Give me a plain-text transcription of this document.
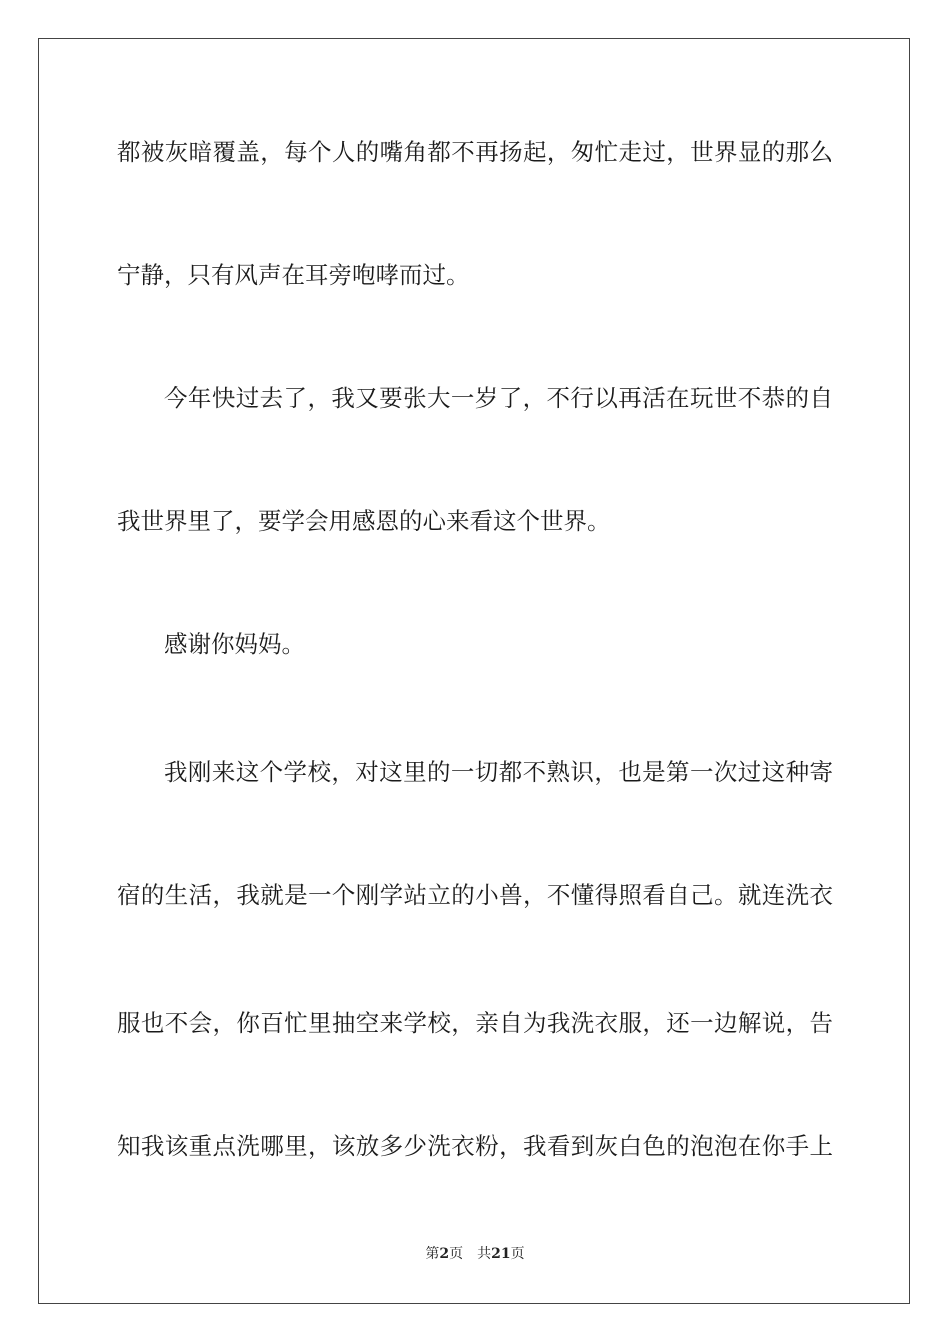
都被灰暗覆盖，每个人的嘴角都不再扬起，匆忙走过，世界显的那么
宁静，只有风声在耳旁咆哮而过。
今年快过去了，我又要张大一岁了，不行以再活在玩世不恭的自
我世界里了，要学会用感恩的心来看这个世界。
感谢你妈妈。
我刚来这个学校，对这里的一切都不熟识，也是第一次过这种寄
宿的生活，我就是一个刚学站立的小兽，不懂得照看自己。就连洗衣
服也不会，你百忙里抽空来学校，亲自为我洗衣服，还一边解说，告
知我该重点洗哪里，该放多少洗衣粉，我看到灰白色的泡泡在你手上
第2页 共21页
